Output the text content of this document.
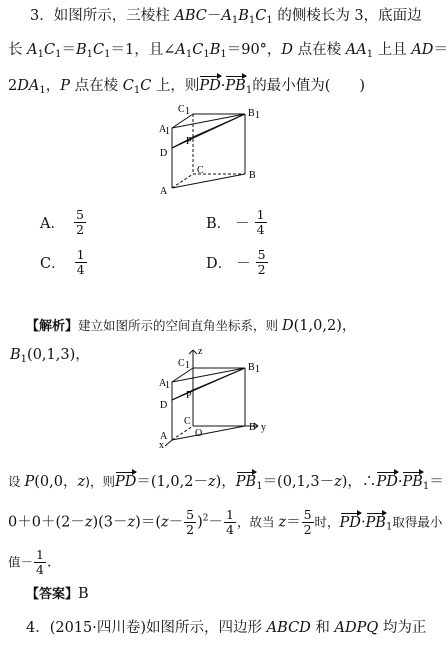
3．如图所示，三棱柱 $ABC-A_1B_1C_1$ 的侧棱长为 3，底面边
长 $A_1C_1=B_1C_1=1$，且$\angle A_1C_1B_1=90^\circ$，D 点在棱 $AA_1$ 上且 AD＝
$2DA_1$，P 点在棱 $C_1C$ 上，则$PD\cdot PB_1$的最小值为(　　)
C 1	B 1
A
1
P
D
C
A
B
A． $\frac{5}{2}$	B． － $\frac{1}{4}$
C． $\frac{1}{4}$	D． － $\frac{5}{2}$
【解析】建立如图所示的空间直角坐标系，则 D(1,0,2)，
$B_1(0,1,3)$，
C 1
z
B 1
A
1
P
D
C
O
y
A
B
x
设 P(0,0，z)，则PD＝(1,0,2－z)，$PB_1=(0,1,3-z)$，$\therefore PD\cdot PB_1=$
$0+0+(2-z)(3-z)=(z- \frac{5}{2} )^2- \frac{1}{4}$ ，故当 $z= \frac{5}{2}$ 时，$PD\cdot PB_1$取得最小
值－ $\frac{1}{4}$ ．
【答案】B
4．(2015·四川卷)如图所示，四边形 ABCD 和 ADPQ 均为正
